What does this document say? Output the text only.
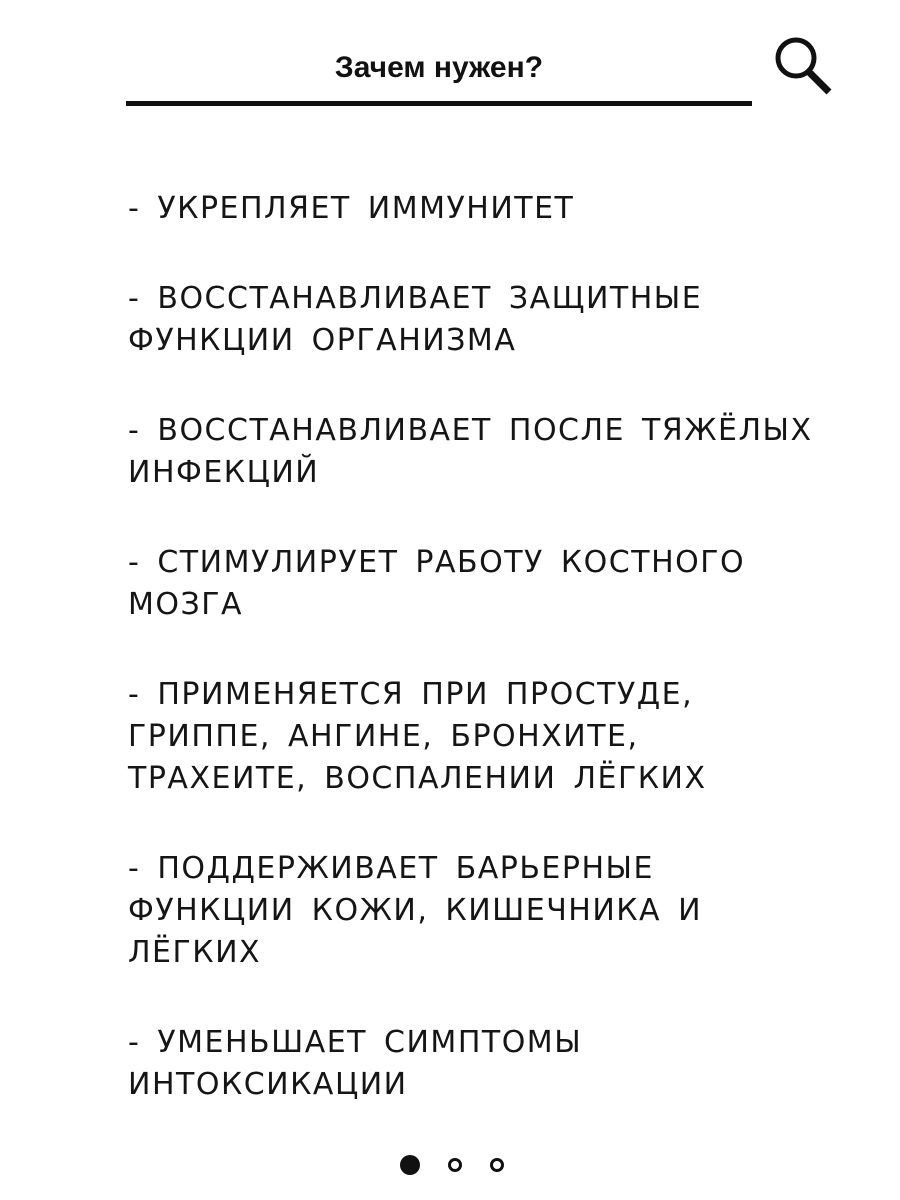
Зачем нужен?
- УКРЕПЛЯЕТ ИММУНИТЕТ
- ВОССТАНАВЛИВАЕТ ЗАЩИТНЫЕ
ФУНКЦИИ ОРГАНИЗМА
- ВОССТАНАВЛИВАЕТ ПОСЛЕ ТЯЖЁЛЫХ
ИНФЕКЦИЙ
- СТИМУЛИРУЕТ РАБОТУ КОСТНОГО
МОЗГА
- ПРИМЕНЯЕТСЯ ПРИ ПРОСТУДЕ,
ГРИППЕ, АНГИНЕ, БРОНХИТЕ,
ТРАХЕИТЕ, ВОСПАЛЕНИИ ЛЁГКИХ
- ПОДДЕРЖИВАЕТ БАРЬЕРНЫЕ
ФУНКЦИИ КОЖИ, КИШЕЧНИКА И
ЛЁГКИХ
- УМЕНЬШАЕТ СИМПТОМЫ
ИНТОКСИКАЦИИ
